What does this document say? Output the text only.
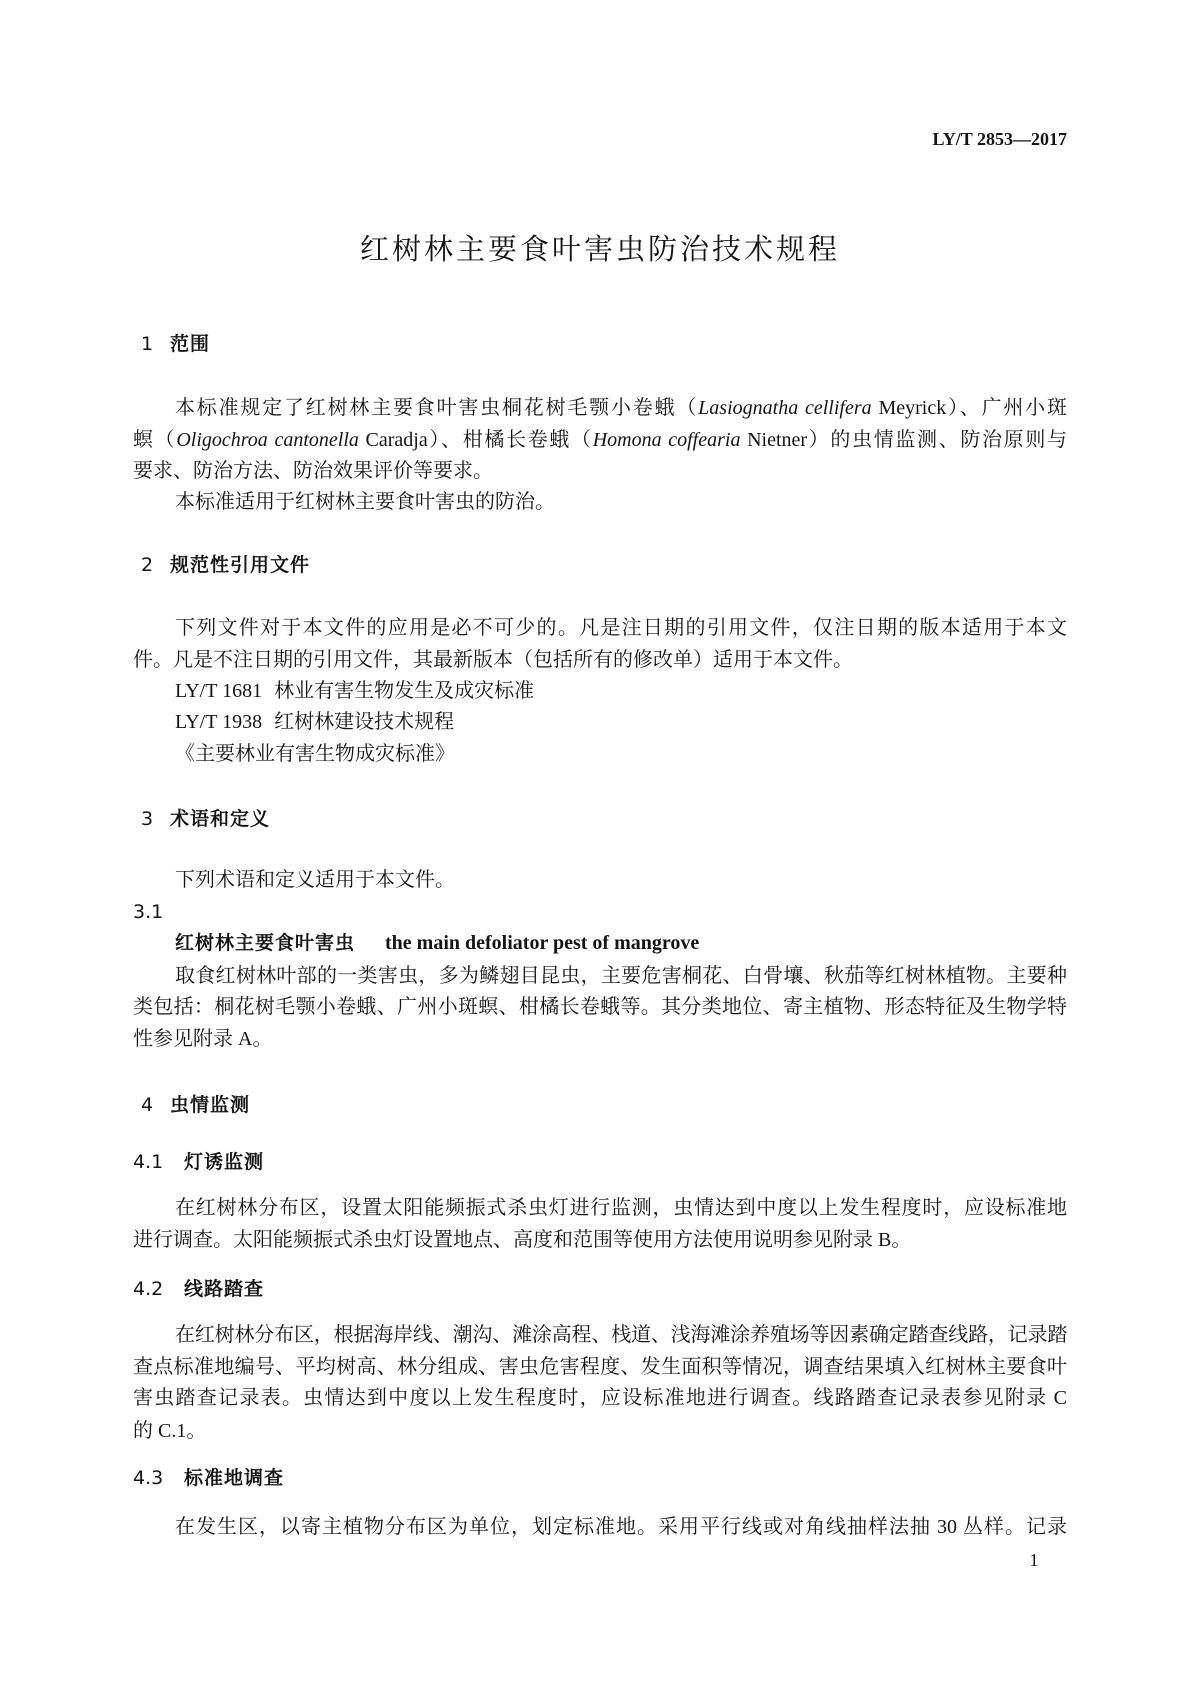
LY/T 2853—2017
红树林主要食叶害虫防治技术规程
1 范围
本标准规定了红树林主要食叶害虫桐花树毛颚小卷蛾（Lasiognatha cellifera Meyrick）、广州小斑
螟（Oligochroa cantonella Caradja）、柑橘长卷蛾（Homona coffearia Nietner）的虫情监测、防治原则与
要求、防治方法、防治效果评价等要求。
本标准适用于红树林主要食叶害虫的防治。
2 规范性引用文件
下列文件对于本文件的应用是必不可少的。凡是注日期的引用文件，仅注日期的版本适用于本文
件。凡是不注日期的引用文件，其最新版本（包括所有的修改单）适用于本文件。
LY/T 1681 林业有害生物发生及成灾标准
LY/T 1938 红树林建设技术规程
《主要林业有害生物成灾标准》
3 术语和定义
下列术语和定义适用于本文件。
3.1
红树林主要食叶害虫 the main defoliator pest of mangrove
取食红树林叶部的一类害虫，多为鳞翅目昆虫，主要危害桐花、白骨壤、秋茄等红树林植物。主要种
类包括：桐花树毛颚小卷蛾、广州小斑螟、柑橘长卷蛾等。其分类地位、寄主植物、形态特征及生物学特
性参见附录 A。
4 虫情监测
4.1 灯诱监测
在红树林分布区，设置太阳能频振式杀虫灯进行监测，虫情达到中度以上发生程度时，应设标准地
进行调查。太阳能频振式杀虫灯设置地点、高度和范围等使用方法使用说明参见附录 B。
4.2 线路踏查
在红树林分布区，根据海岸线、潮沟、滩涂高程、栈道、浅海滩涂养殖场等因素确定踏查线路，记录踏
查点标准地编号、平均树高、林分组成、害虫危害程度、发生面积等情况，调查结果填入红树林主要食叶
害虫踏查记录表。虫情达到中度以上发生程度时，应设标准地进行调查。线路踏查记录表参见附录 C
的 C.1。
4.3 标准地调查
在发生区，以寄主植物分布区为单位，划定标准地。采用平行线或对角线抽样法抽 30 丛样。记录
1
